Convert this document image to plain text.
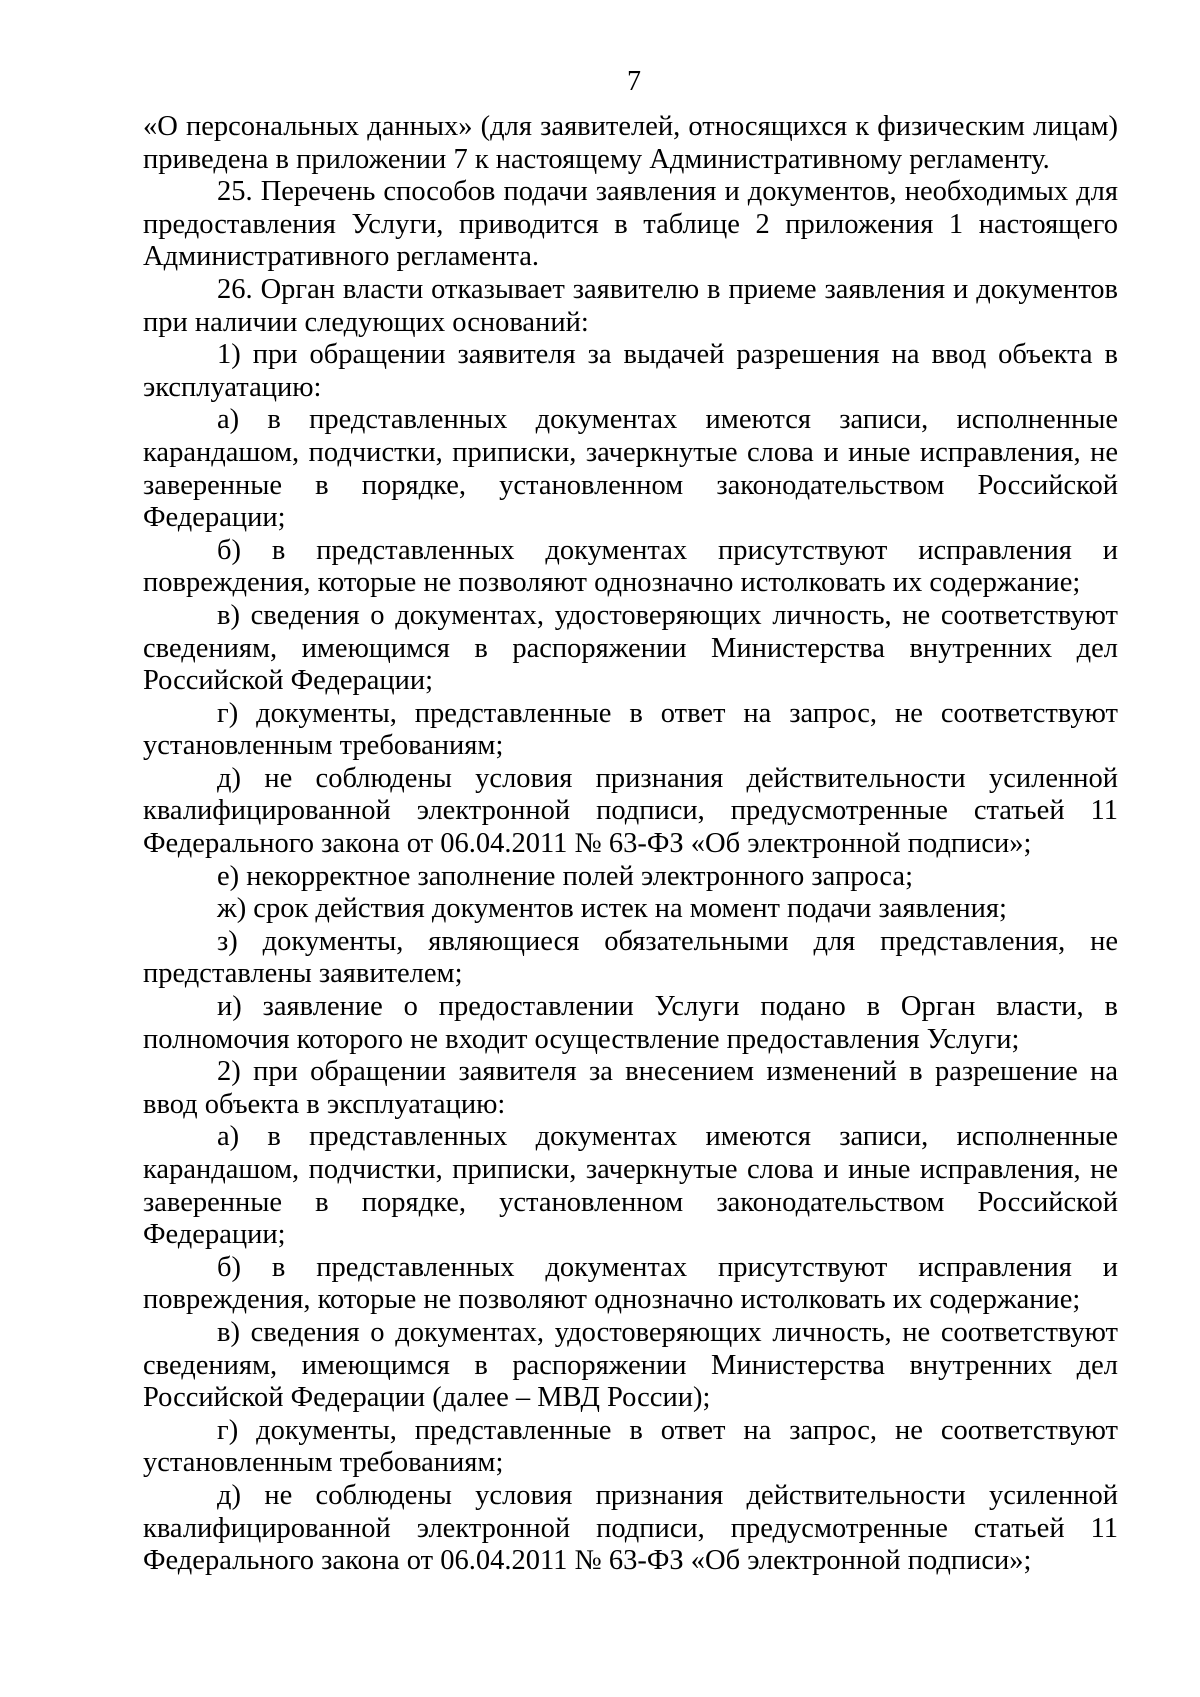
7

«О персональных данных» (для заявителей, относящихся к физическим лицам) приведена в приложении 7 к настоящему Административному регламенту.

25. Перечень способов подачи заявления и документов, необходимых для предоставления Услуги, приводится в таблице 2 приложения 1 настоящего Административного регламента.

26. Орган власти отказывает заявителю в приеме заявления и документов при наличии следующих оснований:

1) при обращении заявителя за выдачей разрешения на ввод объекта в эксплуатацию:

а) в представленных документах имеются записи, исполненные карандашом, подчистки, приписки, зачеркнутые слова и иные исправления, не заверенные в порядке, установленном законодательством Российской Федерации;

б) в представленных документах присутствуют исправления и повреждения, которые не позволяют однозначно истолковать их содержание;

в) сведения о документах, удостоверяющих личность, не соответствуют сведениям, имеющимся в распоряжении Министерства внутренних дел Российской Федерации;

г) документы, представленные в ответ на запрос, не соответствуют установленным требованиям;

д) не соблюдены условия признания действительности усиленной квалифицированной электронной подписи, предусмотренные статьей 11 Федерального закона от 06.04.2011 № 63-ФЗ «Об электронной подписи»;

е) некорректное заполнение полей электронного запроса;

ж) срок действия документов истек на момент подачи заявления;

з) документы, являющиеся обязательными для представления, не представлены заявителем;

и) заявление о предоставлении Услуги подано в Орган власти, в полномочия которого не входит осуществление предоставления Услуги;

2) при обращении заявителя за внесением изменений в разрешение на ввод объекта в эксплуатацию:

а) в представленных документах имеются записи, исполненные карандашом, подчистки, приписки, зачеркнутые слова и иные исправления, не заверенные в порядке, установленном законодательством Российской Федерации;

б) в представленных документах присутствуют исправления и повреждения, которые не позволяют однозначно истолковать их содержание;

в) сведения о документах, удостоверяющих личность, не соответствуют сведениям, имеющимся в распоряжении Министерства внутренних дел Российской Федерации (далее – МВД России);

г) документы, представленные в ответ на запрос, не соответствуют установленным требованиям;

д) не соблюдены условия признания действительности усиленной квалифицированной электронной подписи, предусмотренные статьей 11 Федерального закона от 06.04.2011 № 63-ФЗ «Об электронной подписи»;
